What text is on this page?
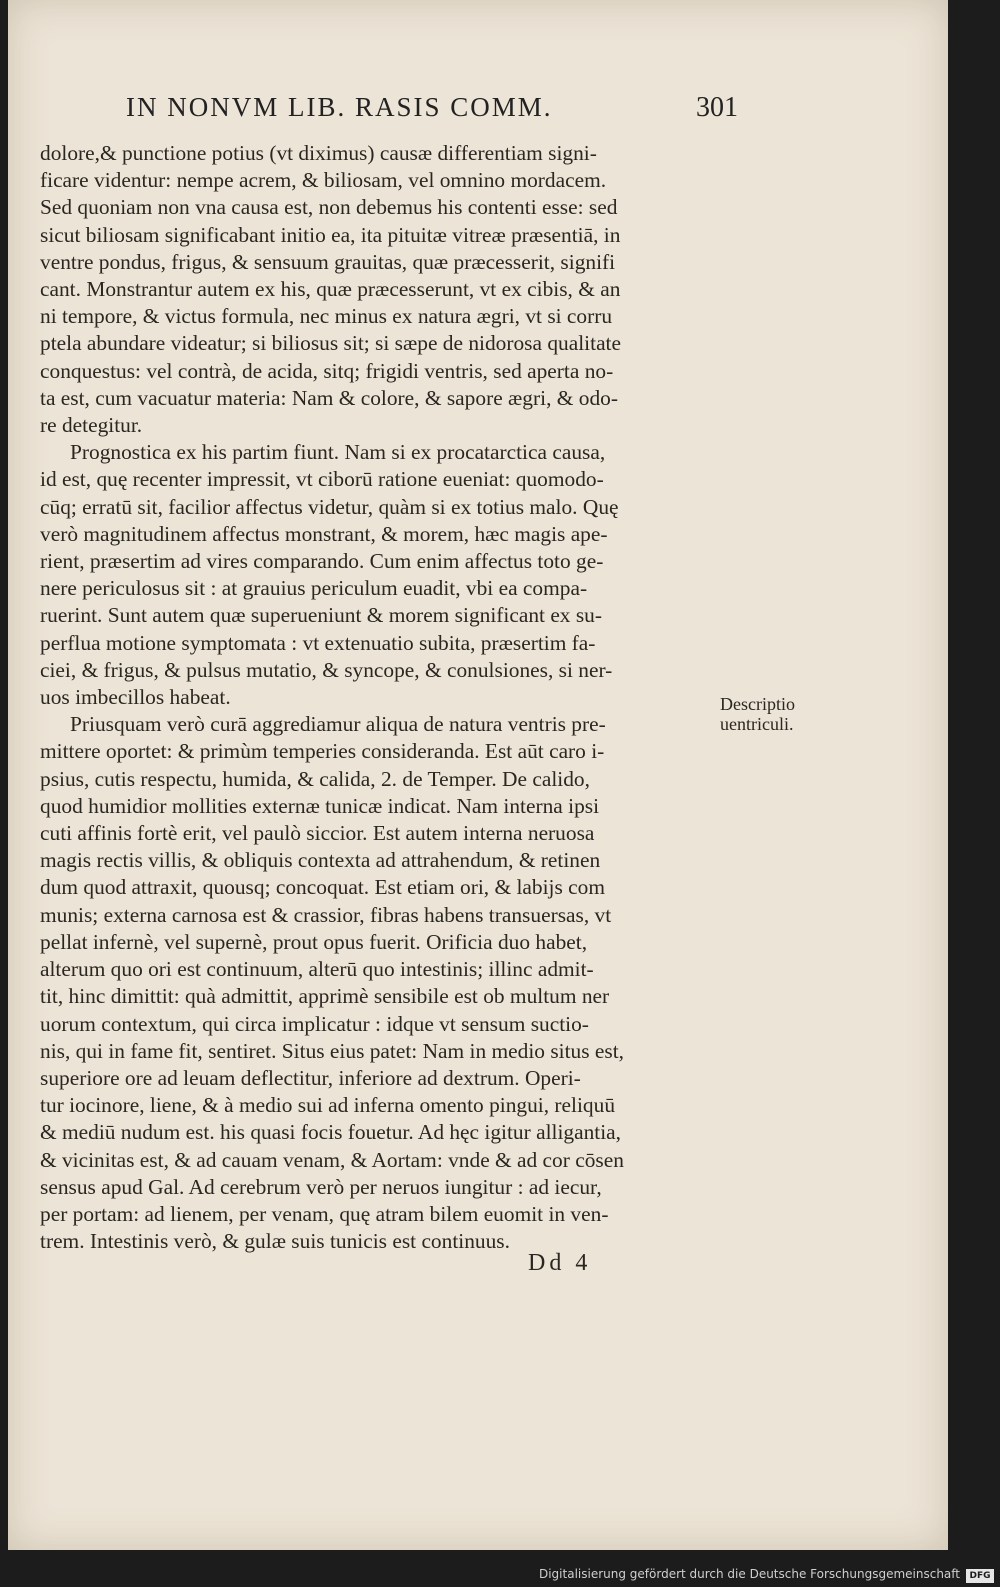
IN NONVM LIB. RASIS COMM.	301
dolore,& punctione potius (vt diximus) causæ differentiam signi-
ficare videntur: nempe acrem, & biliosam, vel omnino mordacem.
Sed quoniam non vna causa est, non debemus his contenti esse: sed
sicut biliosam significabant initio ea, ita pituitæ vitreæ præsentiā, in
ventre pondus, frigus, & sensuum grauitas, quæ præcesserit, signifi
cant. Monstrantur autem ex his, quæ præcesserunt, vt ex cibis, & an
ni tempore, & victus formula, nec minus ex natura ægri, vt si corru
ptela abundare videatur; si biliosus sit; si sæpe de nidorosa qualitate
conquestus: vel contrà, de acida, sitq; frigidi ventris, sed aperta no-
ta est, cum vacuatur materia: Nam & colore, & sapore ægri, & odo-
re detegitur.
Prognostica ex his partim fiunt. Nam si ex procatarctica causa,
id est, quę recenter impressit, vt ciborū ratione eueniat: quomodo-
cūq; erratū sit, facilior affectus videtur, quàm si ex totius malo. Quę
verò magnitudinem affectus monstrant, & morem, hæc magis ape-
rient, præsertim ad vires comparando. Cum enim affectus toto ge-
nere periculosus sit : at grauius periculum euadit, vbi ea compa-
ruerint. Sunt autem quæ superueniunt & morem significant ex su-
perflua motione symptomata : vt extenuatio subita, præsertim fa-
ciei, & frigus, & pulsus mutatio, & syncope, & conulsiones, si ner-
uos imbecillos habeat.
Priusquam verò curā aggrediamur aliqua de natura ventris pre-
mittere oportet: & primùm temperies consideranda. Est aūt caro i-
psius, cutis respectu, humida, & calida, 2. de Temper. De calido,
quod humidior mollities externæ tunicæ indicat. Nam interna ipsi
cuti affinis fortè erit, vel paulò siccior. Est autem interna neruosa
magis rectis villis, & obliquis contexta ad attrahendum, & retinen
dum quod attraxit, quousq; concoquat. Est etiam ori, & labijs com
munis; externa carnosa est & crassior, fibras habens transuersas, vt
pellat infernè, vel supernè, prout opus fuerit. Orificia duo habet,
alterum quo ori est continuum, alterū quo intestinis; illinc admit-
tit, hinc dimittit: quà admittit, apprimè sensibile est ob multum ner
uorum contextum, qui circa implicatur : idque vt sensum suctio-
nis, qui in fame fit, sentiret. Situs eius patet: Nam in medio situs est,
superiore ore ad leuam deflectitur, inferiore ad dextrum. Operi-
tur iocinore, liene, & à medio sui ad inferna omento pingui, reliquū
& mediū nudum est. his quasi focis fouetur. Ad hęc igitur alligantia,
& vicinitas est, & ad cauam venam, & Aortam: vnde & ad cor cōsen
sensus apud Gal. Ad cerebrum verò per neruos iungitur : ad iecur,
per portam: ad lienem, per venam, quę atram bilem euomit in ven-
trem. Intestinis verò, & gulæ suis tunicis est continuus.
Descriptio
uentriculi.
Dd 4
Digitalisierung gefördert durch die Deutsche Forschungsgemeinschaft	DFG
